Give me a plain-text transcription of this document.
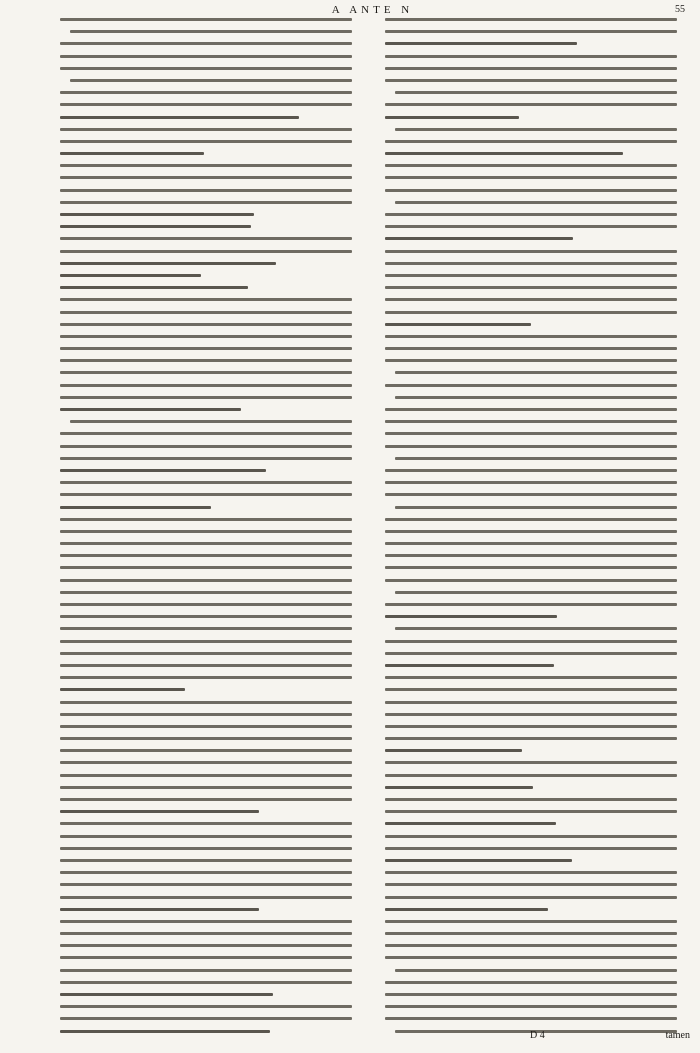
A ANTE N	55
D 4	tamen
